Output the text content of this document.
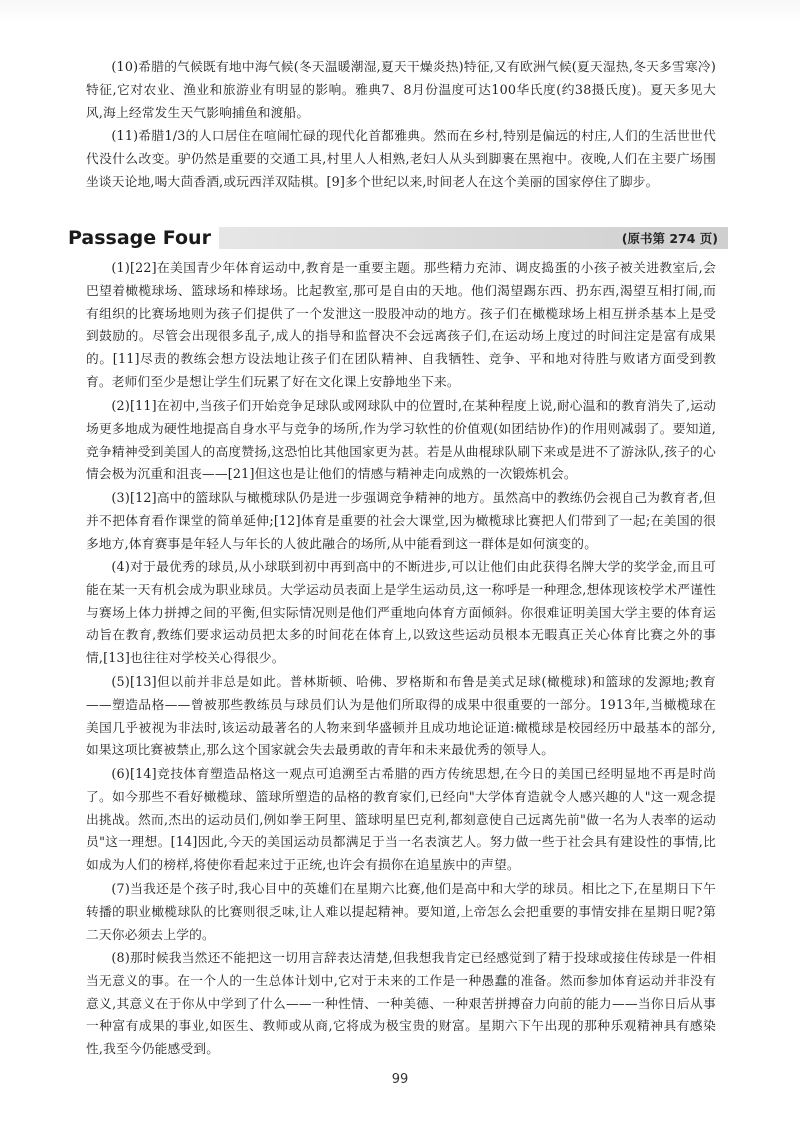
(10)希腊的气候既有地中海气候(冬天温暖潮湿,夏天干燥炎热)特征,又有欧洲气候(夏天湿热,冬天多雪寒冷)特征,它对农业、渔业和旅游业有明显的影响。雅典7、8月份温度可达100华氏度(约38摄氏度)。夏天多见大风,海上经常发生天气影响捕鱼和渡船。

(11)希腊1/3的人口居住在喧闹忙碌的现代化首都雅典。然而在乡村,特别是偏远的村庄,人们的生活世世代代没什么改变。驴仍然是重要的交通工具,村里人人相熟,老妇人从头到脚裹在黑袍中。夜晚,人们在主要广场围坐谈天论地,喝大茴香酒,或玩西洋双陆棋。[9]多个世纪以来,时间老人在这个美丽的国家停住了脚步。

Passage Four	(原书第 274 页)

(1)[22]在美国青少年体育运动中,教育是一重要主题。那些精力充沛、调皮捣蛋的小孩子被关进教室后,会巴望着橄榄球场、篮球场和棒球场。比起教室,那可是自由的天地。他们渴望踢东西、扔东西,渴望互相打闹,而有组织的比赛场地则为孩子们提供了一个发泄这一股股冲动的地方。孩子们在橄榄球场上相互拼杀基本上是受到鼓励的。尽管会出现很多乱子,成人的指导和监督决不会远离孩子们,在运动场上度过的时间注定是富有成果的。[11]尽责的教练会想方设法地让孩子们在团队精神、自我牺牲、竞争、平和地对待胜与败诸方面受到教育。老师们至少是想让学生们玩累了好在文化课上安静地坐下来。

(2)[11]在初中,当孩子们开始竞争足球队或网球队中的位置时,在某种程度上说,耐心温和的教育消失了,运动场更多地成为硬性地提高自身水平与竞争的场所,作为学习软性的价值观(如团结协作)的作用则减弱了。要知道,竞争精神受到美国人的高度赞扬,这恐怕比其他国家更为甚。若是从曲棍球队刷下来或是进不了游泳队,孩子的心情会极为沉重和沮丧——[21]但这也是让他们的情感与精神走向成熟的一次锻炼机会。

(3)[12]高中的篮球队与橄榄球队仍是进一步强调竞争精神的地方。虽然高中的教练仍会视自己为教育者,但并不把体育看作课堂的简单延伸;[12]体育是重要的社会大课堂,因为橄榄球比赛把人们带到了一起;在美国的很多地方,体育赛事是年轻人与年长的人彼此融合的场所,从中能看到这一群体是如何演变的。

(4)对于最优秀的球员,从小球联到初中再到高中的不断进步,可以让他们由此获得名牌大学的奖学金,而且可能在某一天有机会成为职业球员。大学运动员表面上是学生运动员,这一称呼是一种理念,想体现该校学术严谨性与赛场上体力拼搏之间的平衡,但实际情况则是他们严重地向体育方面倾斜。你很难证明美国大学主要的体育运动旨在教育,教练们要求运动员把太多的时间花在体育上,以致这些运动员根本无暇真正关心体育比赛之外的事情,[13]也往往对学校关心得很少。

(5)[13]但以前并非总是如此。普林斯顿、哈佛、罗格斯和布鲁是美式足球(橄榄球)和篮球的发源地;教育——塑造品格——曾被那些教练员与球员们认为是他们所取得的成果中很重要的一部分。1913年,当橄榄球在美国几乎被视为非法时,该运动最著名的人物来到华盛顿并且成功地论证道:橄榄球是校园经历中最基本的部分,如果这项比赛被禁止,那么这个国家就会失去最勇敢的青年和未来最优秀的领导人。

(6)[14]竞技体育塑造品格这一观点可追溯至古希腊的西方传统思想,在今日的美国已经明显地不再是时尚了。如今那些不看好橄榄球、篮球所塑造的品格的教育家们,已经向"大学体育造就令人感兴趣的人"这一观念提出挑战。然而,杰出的运动员们,例如拳王阿里、篮球明星巴克利,都刻意使自己远离先前"做一名为人表率的运动员"这一理想。[14]因此,今天的美国运动员都满足于当一名表演艺人。努力做一些于社会具有建设性的事情,比如成为人们的榜样,将使你看起来过于正统,也许会有损你在追星族中的声望。

(7)当我还是个孩子时,我心目中的英雄们在星期六比赛,他们是高中和大学的球员。相比之下,在星期日下午转播的职业橄榄球队的比赛则很乏味,让人难以提起精神。要知道,上帝怎么会把重要的事情安排在星期日呢?第二天你必须去上学的。

(8)那时候我当然还不能把这一切用言辞表达清楚,但我想我肯定已经感觉到了精于投球或接住传球是一件相当无意义的事。在一个人的一生总体计划中,它对于未来的工作是一种愚蠢的准备。然而参加体育运动并非没有意义,其意义在于你从中学到了什么——一种性情、一种美德、一种艰苦拼搏奋力向前的能力——当你日后从事一种富有成果的事业,如医生、教师或从商,它将成为极宝贵的财富。星期六下午出现的那种乐观精神具有感染性,我至今仍能感受到。

99
